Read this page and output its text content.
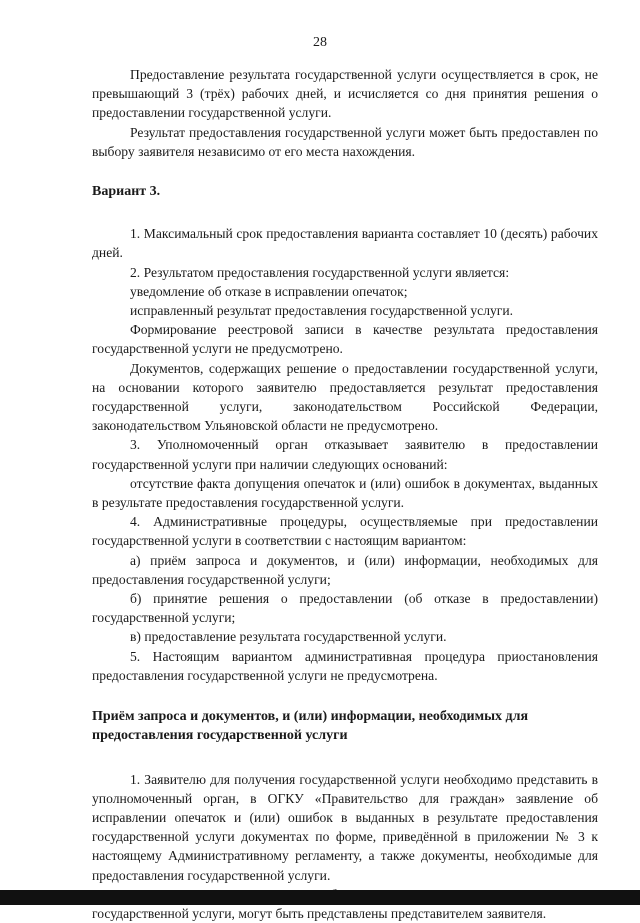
28

Предоставление результата государственной услуги осуществляется в срок, не превышающий 3 (трёх) рабочих дней, и исчисляется со дня принятия решения о предоставлении государственной услуги.

Результат предоставления государственной услуги может быть предоставлен по выбору заявителя независимо от его места нахождения.

Вариант 3.

1. Максимальный срок предоставления варианта составляет 10 (десять) рабочих дней.

2. Результатом предоставления государственной услуги является:

уведомление об отказе в исправлении опечаток;

исправленный результат предоставления государственной услуги.

Формирование реестровой записи в качестве результата предоставления государственной услуги не предусмотрено.

Документов, содержащих решение о предоставлении государственной услуги, на основании которого заявителю предоставляется результат предоставления государственной услуги, законодательством Российской Федерации, законодательством Ульяновской области не предусмотрено.

3. Уполномоченный орган отказывает заявителю в предоставлении государственной услуги при наличии следующих оснований:

отсутствие факта допущения опечаток и (или) ошибок в документах, выданных в результате предоставления государственной услуги.

4. Административные процедуры, осуществляемые при предоставлении государственной услуги в соответствии с настоящим вариантом:

а) приём запроса и документов, и (или) информации, необходимых для предоставления государственной услуги;

б) принятие решения о предоставлении (об отказе в предоставлении) государственной услуги;

в) предоставление результата государственной услуги.

5. Настоящим вариантом административная процедура приостановления предоставления государственной услуги не предусмотрена.

Приём запроса и документов, и (или) информации, необходимых для

предоставления государственной услуги

1. Заявителю для получения государственной услуги необходимо представить в уполномоченный орган, в ОГКУ «Правительство для граждан» заявление об исправлении опечаток и (или) ошибок в выданных в результате предоставления государственной услуги документах по форме, приведённой в приложении № 3 к настоящему Административному регламенту, а также документы, необходимые для предоставления государственной услуги.

государственной услуги, могут быть представлены представителем заявителя.
